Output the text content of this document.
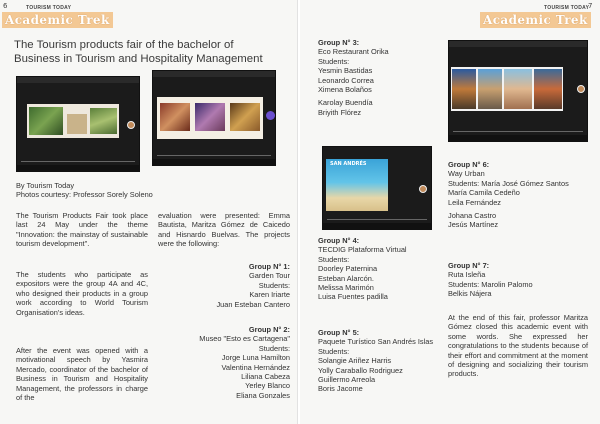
6	TOURISM TODAY
Academic Trek
The Tourism products fair of the bachelor of Business in Tourism and Hospitality Management
By Tourism Today
Photos courtesy: Professor Sorely Soleno
The Tourism Products Fair took place last 24 May under the theme "Innovation: the mainstay of sustainable tourism development".
The students who participate as expositors were the group 4A and 4C, who designed their products in a group work according to World Tourism Organisation's ideas.
After the event was opened with a motivational speech by Yasmira Mercado, coordinator of the bachelor of Business in Tourism and Hospitality Management, the professors in charge of the
evaluation were presented: Emma Bautista, Maritza Gómez de Caicedo and Hisnardo Buelvas. The projects were the following:
Group N° 1:
Garden Tour
Students:
Karen Iriarte
Juan Esteban Cantero
Group N° 2:
Museo "Esto es Cartagena"
Students:
Jorge Luna Hamilton
Valentina Hernández
Liliana Cabeza
Yerley Blanco
Eliana Gonzales
TOURISM TODAY
7
Academic Trek
Group N° 3:
Eco Restaurant Orika
Students:
Yesmin Bastidas
Leonardo Correa
Ximena Bolaños
Karolay Buendía
Briyith Flórez
SAN ANDRÉS
Group N° 4:
TECDIG Plataforma Virtual
Students:
Doorley Paternina
Esteban Alarcón.
Melissa Marimón
Luisa Fuentes padilla
Group N° 5:
Paquete Turístico San Andrés Islas
Students:
Solangie Ariñez Harris
Yolly Caraballo Rodriguez
Guillermo Arreola
Boris Jacome
Group N° 6:
Way Urban
Students: María José Gómez Santos
María Camila Cedeño
Leila Fernández
Johana Castro
Jesús Martínez
Group N° 7:
Ruta Isleña
Students: Marolin Palomo
Belkis Nájera
At the end of this fair, professor Maritza Gómez closed this academic event with some words. She expressed her congratulations to the students because of their effort and commitment at the moment of designing and socializing their tourism products.
